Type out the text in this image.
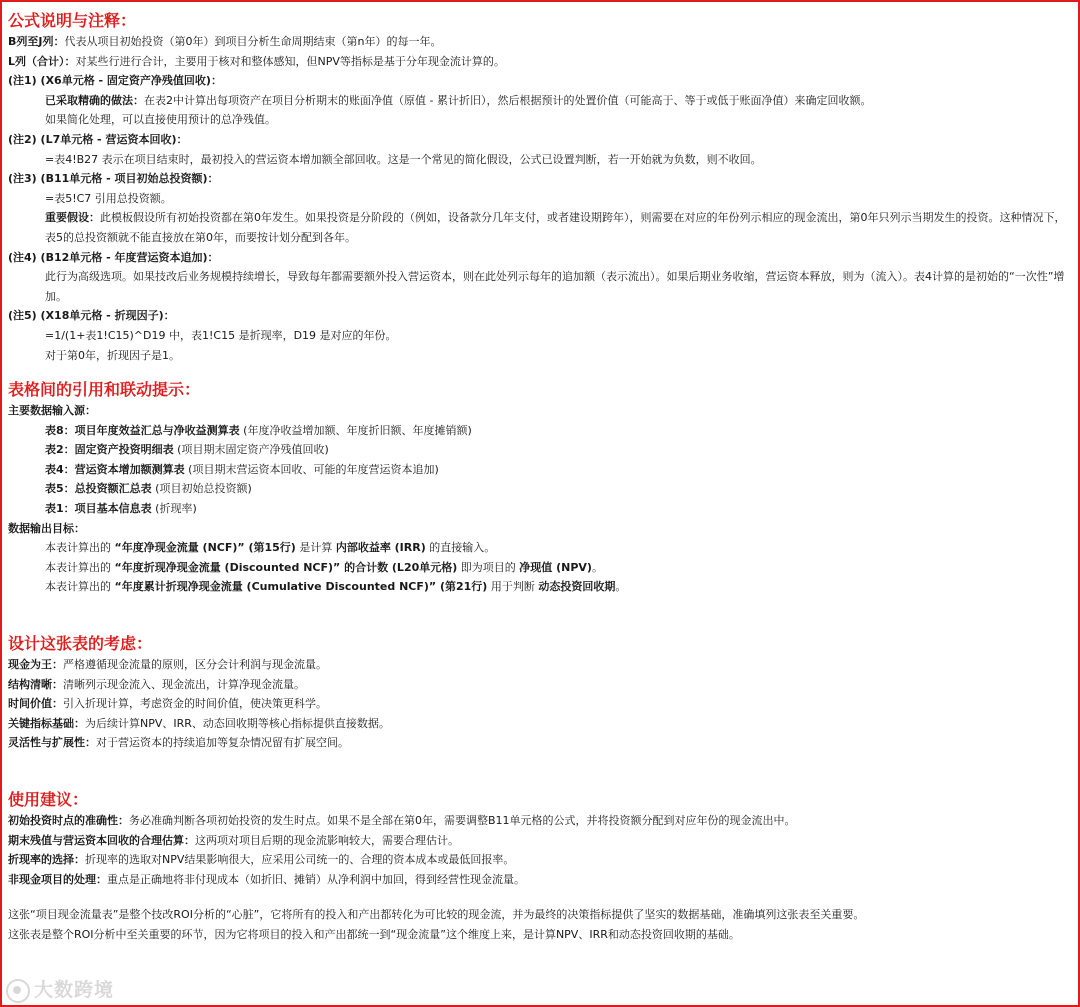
公式说明与注释：
B列至J列：代表从项目初始投资（第0年）到项目分析生命周期结束（第n年）的每一年。
L列（合计）：对某些行进行合计，主要用于核对和整体感知，但NPV等指标是基于分年现金流计算的。
(注1) (X6单元格 - 固定资产净残值回收)：
已采取精确的做法：在表2中计算出每项资产在项目分析期末的账面净值（原值 - 累计折旧），然后根据预计的处置价值（可能高于、等于或低于账面净值）来确定回收额。
如果简化处理，可以直接使用预计的总净残值。
(注2) (L7单元格 - 营运资本回收)：
=表4!B27 表示在项目结束时，最初投入的营运资本增加额全部回收。这是一个常见的简化假设，公式已设置判断，若一开始就为负数，则不收回。
(注3) (B11单元格 - 项目初始总投资额)：
=表5!C7 引用总投资额。
重要假设：此模板假设所有初始投资都在第0年发生。如果投资是分阶段的（例如，设备款分几年支付，或者建设期跨年），则需要在对应的年份列示相应的现金流出，第0年只列示当期发生的投资。这种情况下，表5的总投资额就不能直接放在第0年，而要按计划分配到各年。
(注4) (B12单元格 - 年度营运资本追加)：
此行为高级选项。如果技改后业务规模持续增长，导致每年都需要额外投入营运资本，则在此处列示每年的追加额（表示流出）。如果后期业务收缩，营运资本释放，则为（流入）。表4计算的是初始的“一次性”增加。
(注5) (X18单元格 - 折现因子)：
=1/(1+表1!C15)^D19 中，表1!C15 是折现率，D19 是对应的年份。
对于第0年，折现因子是1。
表格间的引用和联动提示：
主要数据输入源：
表8：项目年度效益汇总与净收益测算表 (年度净收益增加额、年度折旧额、年度摊销额)
表2：固定资产投资明细表 (项目期末固定资产净残值回收)
表4：营运资本增加额测算表 (项目期末营运资本回收、可能的年度营运资本追加)
表5：总投资额汇总表 (项目初始总投资额)
表1：项目基本信息表 (折现率)
数据输出目标：
本表计算出的 “年度净现金流量 (NCF)” (第15行) 是计算 内部收益率 (IRR) 的直接输入。
本表计算出的 “年度折现净现金流量 (Discounted NCF)” 的合计数 (L20单元格) 即为项目的 净现值 (NPV)。
本表计算出的 “年度累计折现净现金流量 (Cumulative Discounted NCF)” (第21行) 用于判断 动态投资回收期。
设计这张表的考虑：
现金为王：严格遵循现金流量的原则，区分会计利润与现金流量。
结构清晰：清晰列示现金流入、现金流出，计算净现金流量。
时间价值：引入折现计算，考虑资金的时间价值，使决策更科学。
关键指标基础：为后续计算NPV、IRR、动态回收期等核心指标提供直接数据。
灵活性与扩展性：对于营运资本的持续追加等复杂情况留有扩展空间。
使用建议：
初始投资时点的准确性：务必准确判断各项初始投资的发生时点。如果不是全部在第0年，需要调整B11单元格的公式，并将投资额分配到对应年份的现金流出中。
期末残值与营运资本回收的合理估算：这两项对项目后期的现金流影响较大，需要合理估计。
折现率的选择：折现率的选取对NPV结果影响很大，应采用公司统一的、合理的资本成本或最低回报率。
非现金项目的处理：重点是正确地将非付现成本（如折旧、摊销）从净利润中加回，得到经营性现金流量。
这张“项目现金流量表”是整个技改ROI分析的“心脏”，它将所有的投入和产出都转化为可比较的现金流，并为最终的决策指标提供了坚实的数据基础，准确填列这张表至关重要。
这张表是整个ROI分析中至关重要的环节，因为它将项目的投入和产出都统一到“现金流量”这个维度上来，是计算NPV、IRR和动态投资回收期的基础。
大数跨境
